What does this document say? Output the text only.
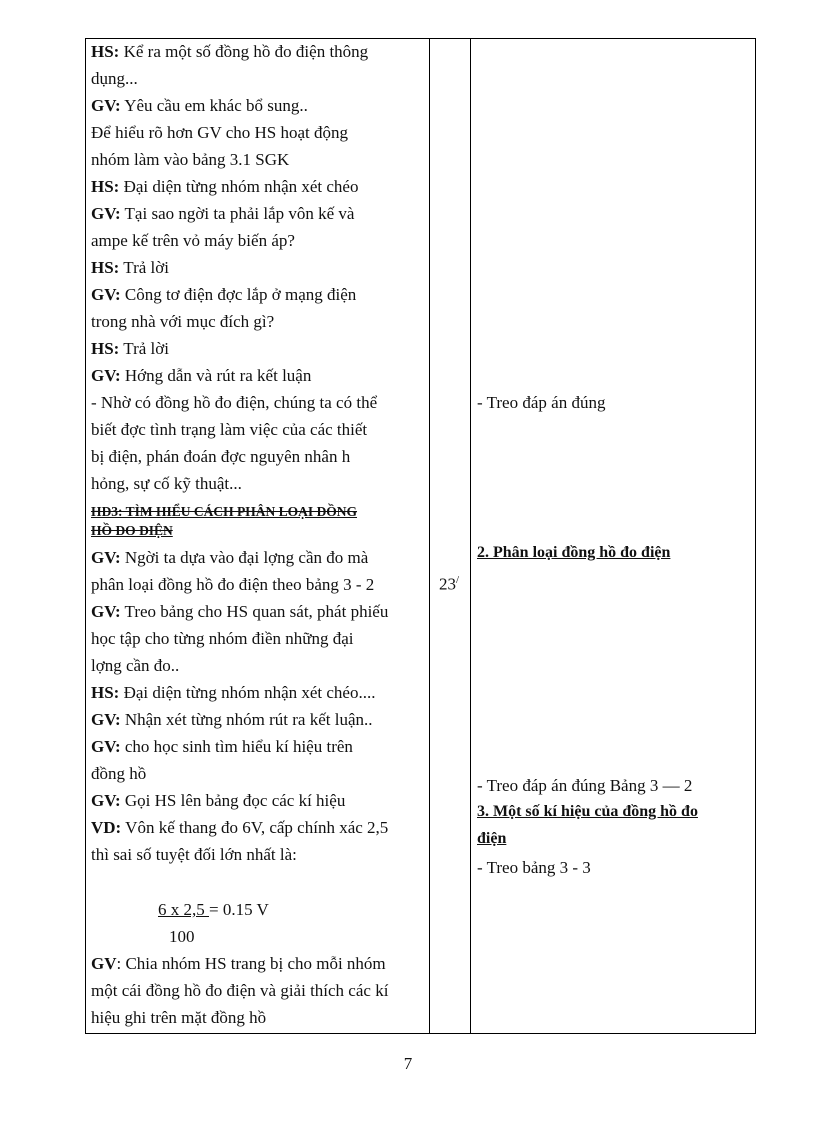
HS: Kể ra một số đồng hồ đo điện thông
dụng...
GV: Yêu cầu em khác bổ sung..
Để hiểu rõ hơn GV cho HS hoạt động
nhóm làm vào bảng 3.1 SGK
HS: Đại diện từng nhóm nhận xét chéo
GV: Tại sao ngời ta phải lắp vôn kế và
ampe kế trên vỏ máy biến áp?
HS: Trả lời
GV: Công tơ điện đợc lắp ở mạng điện
trong nhà với mục đích gì?
HS: Trả lời
GV: Hớng dẫn và rút ra kết luận
- Nhờ có đồng hồ đo điện, chúng ta có thể
biết đợc tình trạng làm việc của các thiết
bị điện, phán đoán đợc nguyên nhân h
hỏng, sự cố kỹ thuật...
HĐ3: TÌM HIỂU CÁCH PHÂN LOẠI ĐỒNG
HỒ ĐO ĐIỆN
GV: Ngời ta dựa vào đại lợng cần đo mà
phân loại đồng hồ đo điện theo bảng 3 - 2
GV: Treo bảng cho HS quan sát, phát phiếu
học tập cho từng nhóm điền những đại
lợng cần đo..
HS: Đại diện từng nhóm nhận xét chéo....
GV: Nhận xét từng nhóm rút ra kết luận..
GV: cho học sinh tìm hiểu kí hiệu trên
đồng hồ
GV: Gọi HS lên bảng đọc các kí hiệu
VD: Vôn kế thang đo 6V, cấp chính xác 2,5
thì sai số tuyệt đối lớn nhất là:
6 x 2,5 = 0.15 V
100
GV: Chia nhóm HS trang bị cho mỗi nhóm
một cái đồng hồ đo điện và giải thích các kí
hiệu ghi trên mặt đồng hồ
23/
- Treo đáp án đúng
2. Phân loại đồng hồ đo điện
- Treo đáp án đúng Bảng 3 — 2
3. Một số kí hiệu của đồng hồ đo
điện
- Treo bảng 3 - 3
7
